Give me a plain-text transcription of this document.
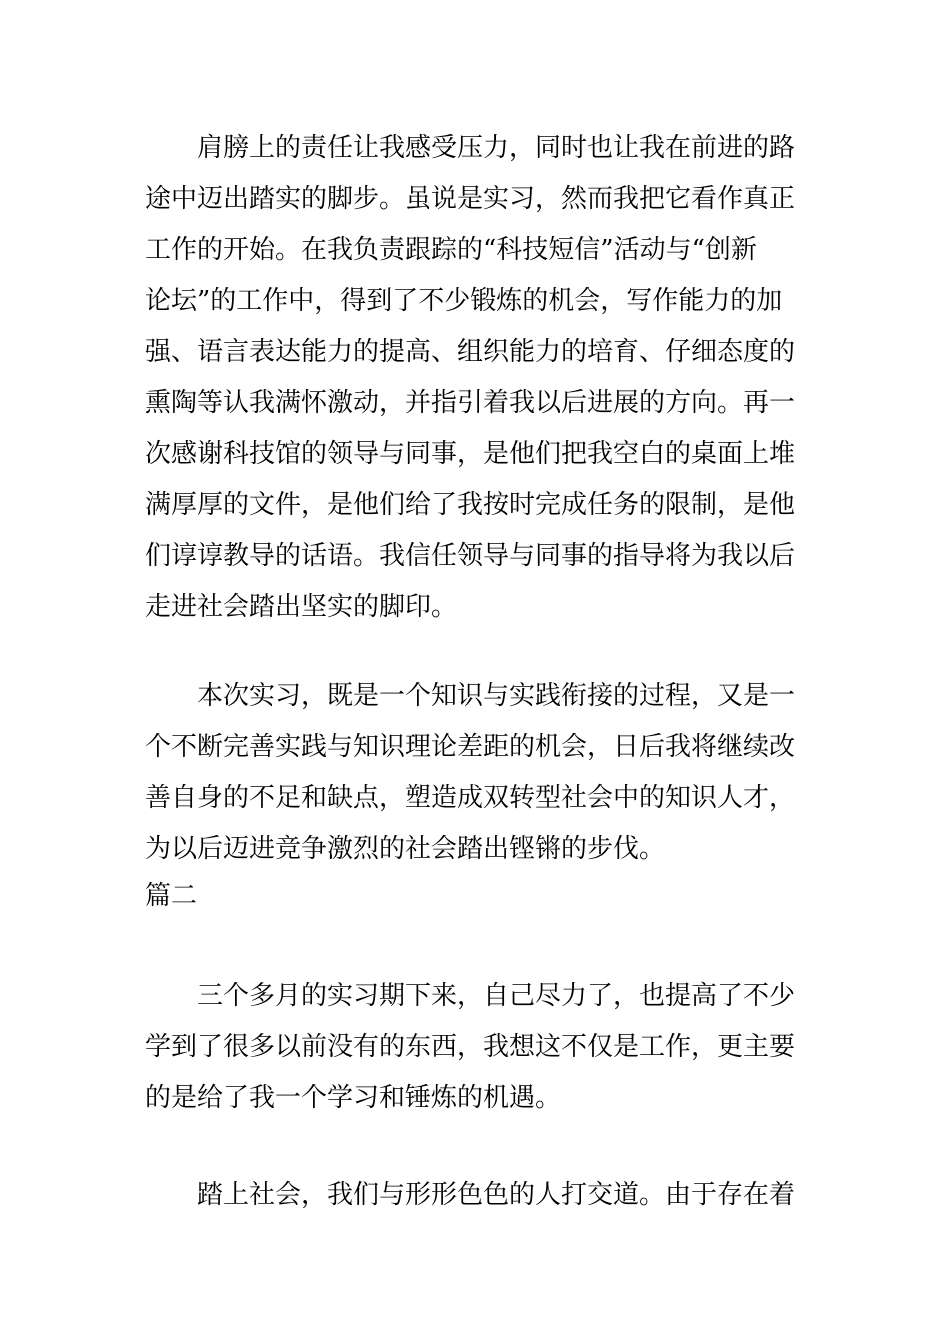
肩膀上的责任让我感受压力，同时也让我在前进的路
途中迈出踏实的脚步。虽说是实习，然而我把它看作真正
工作的开始。在我负责跟踪的“科技短信”活动与“创新
论坛”的工作中，得到了不少锻炼的机会，写作能力的加
强、语言表达能力的提高、组织能力的培育、仔细态度的
熏陶等认我满怀激动，并指引着我以后进展的方向。再一
次感谢科技馆的领导与同事，是他们把我空白的桌面上堆
满厚厚的文件，是他们给了我按时完成任务的限制，是他
们谆谆教导的话语。我信任领导与同事的指导将为我以后
走进社会踏出坚实的脚印。
本次实习，既是一个知识与实践衔接的过程，又是一
个不断完善实践与知识理论差距的机会，日后我将继续改
善自身的不足和缺点，塑造成双转型社会中的知识人才，
为以后迈进竞争激烈的社会踏出铿锵的步伐。
篇二
三个多月的实习期下来，自己尽力了，也提高了不少
学到了很多以前没有的东西，我想这不仅是工作，更主要
的是给了我一个学习和锤炼的机遇。
踏上社会，我们与形形色色的人打交道。由于存在着
